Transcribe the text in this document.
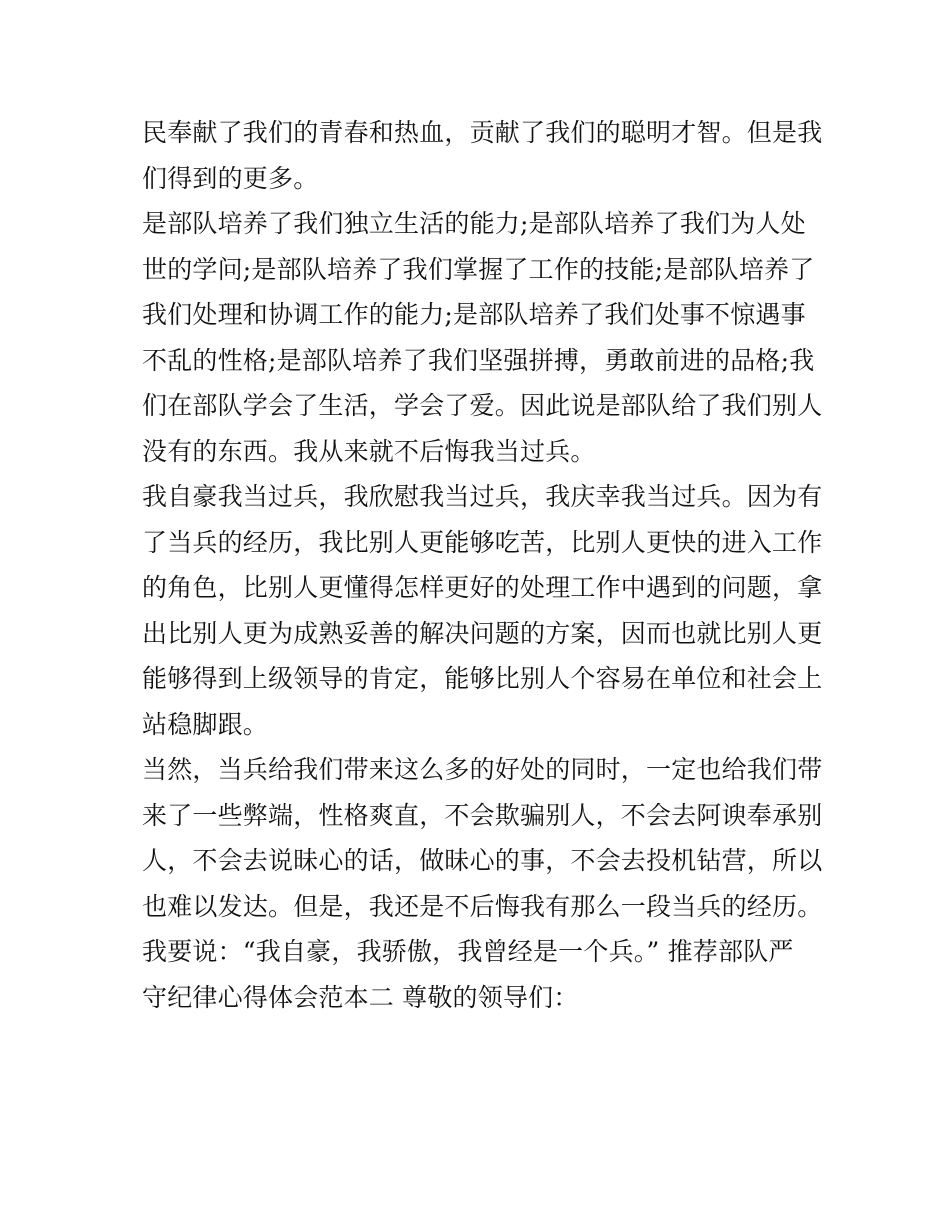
民奉献了我们的青春和热血，贡献了我们的聪明才智。但是我
们得到的更多。
是部队培养了我们独立生活的能力;是部队培养了我们为人处
世的学问;是部队培养了我们掌握了工作的技能;是部队培养了
我们处理和协调工作的能力;是部队培养了我们处事不惊遇事
不乱的性格;是部队培养了我们坚强拼搏，勇敢前进的品格;我
们在部队学会了生活，学会了爱。因此说是部队给了我们别人
没有的东西。我从来就不后悔我当过兵。
我自豪我当过兵，我欣慰我当过兵，我庆幸我当过兵。因为有
了当兵的经历，我比别人更能够吃苦，比别人更快的进入工作
的角色，比别人更懂得怎样更好的处理工作中遇到的问题，拿
出比别人更为成熟妥善的解决问题的方案，因而也就比别人更
能够得到上级领导的肯定，能够比别人个容易在单位和社会上
站稳脚跟。
当然，当兵给我们带来这么多的好处的同时，一定也给我们带
来了一些弊端，性格爽直，不会欺骗别人，不会去阿谀奉承别
人，不会去说昧心的话，做昧心的事，不会去投机钻营，所以
也难以发达。但是，我还是不后悔我有那么一段当兵的经历。
我要说：“我自豪，我骄傲，我曾经是一个兵。” 推荐部队严
守纪律心得体会范本二 尊敬的领导们：
